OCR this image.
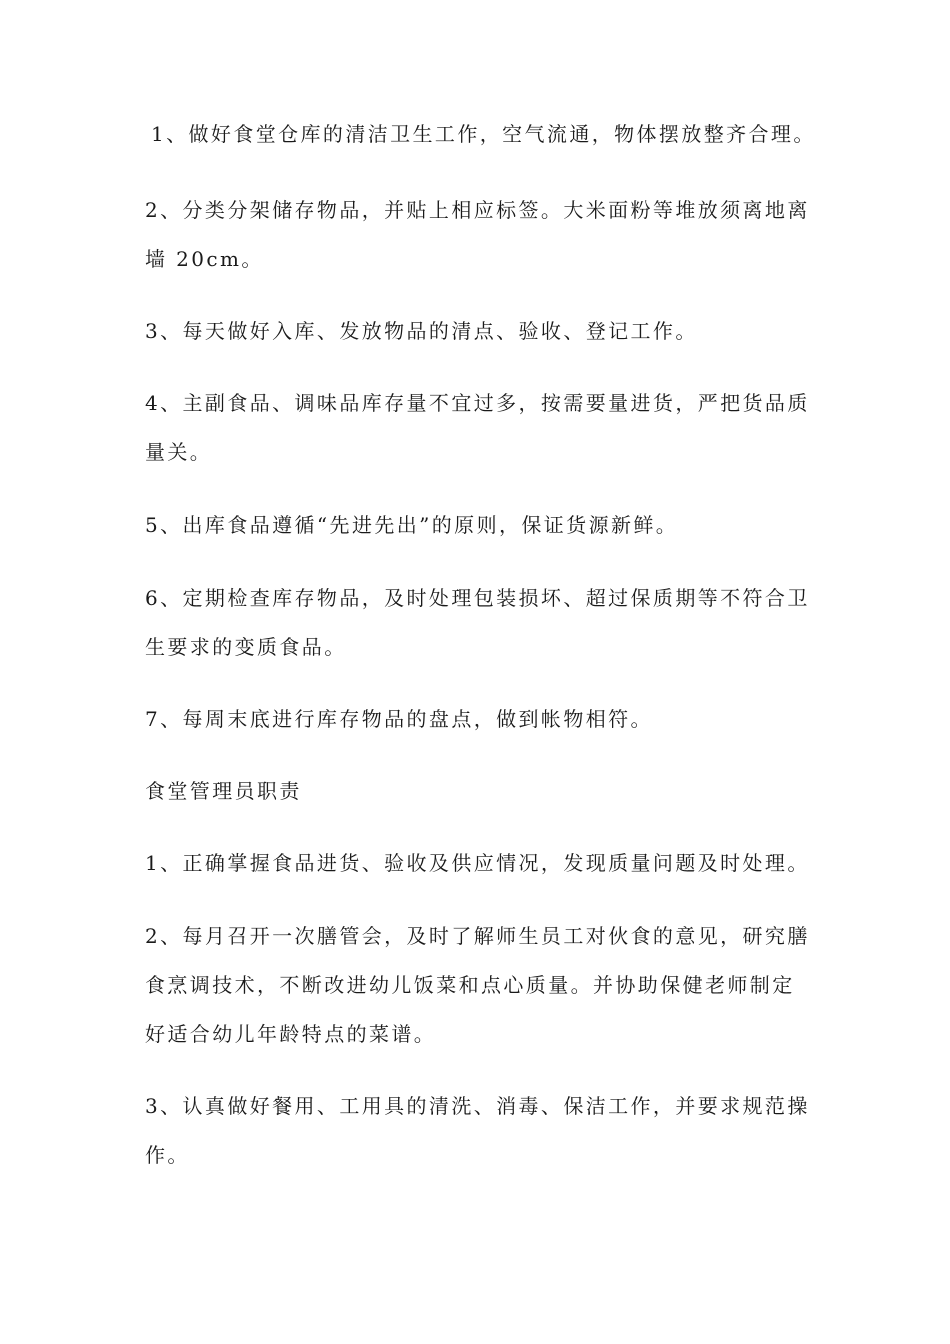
1、做好食堂仓库的清洁卫生工作，空气流通，物体摆放整齐合理。

2、分类分架储存物品，并贴上相应标签。大米面粉等堆放须离地离墙 20cm。

3、每天做好入库、发放物品的清点、验收、登记工作。

4、主副食品、调味品库存量不宜过多，按需要量进货，严把货品质量关。

5、出库食品遵循“先进先出”的原则，保证货源新鲜。

6、定期检查库存物品，及时处理包装损坏、超过保质期等不符合卫生要求的变质食品。

7、每周末底进行库存物品的盘点，做到帐物相符。

食堂管理员职责

1、正确掌握食品进货、验收及供应情况，发现质量问题及时处理。

2、每月召开一次膳管会，及时了解师生员工对伙食的意见，研究膳食烹调技术，不断改进幼儿饭菜和点心质量。并协助保健老师制定好适合幼儿年龄特点的菜谱。

3、认真做好餐用、工用具的清洗、消毒、保洁工作，并要求规范操作。
